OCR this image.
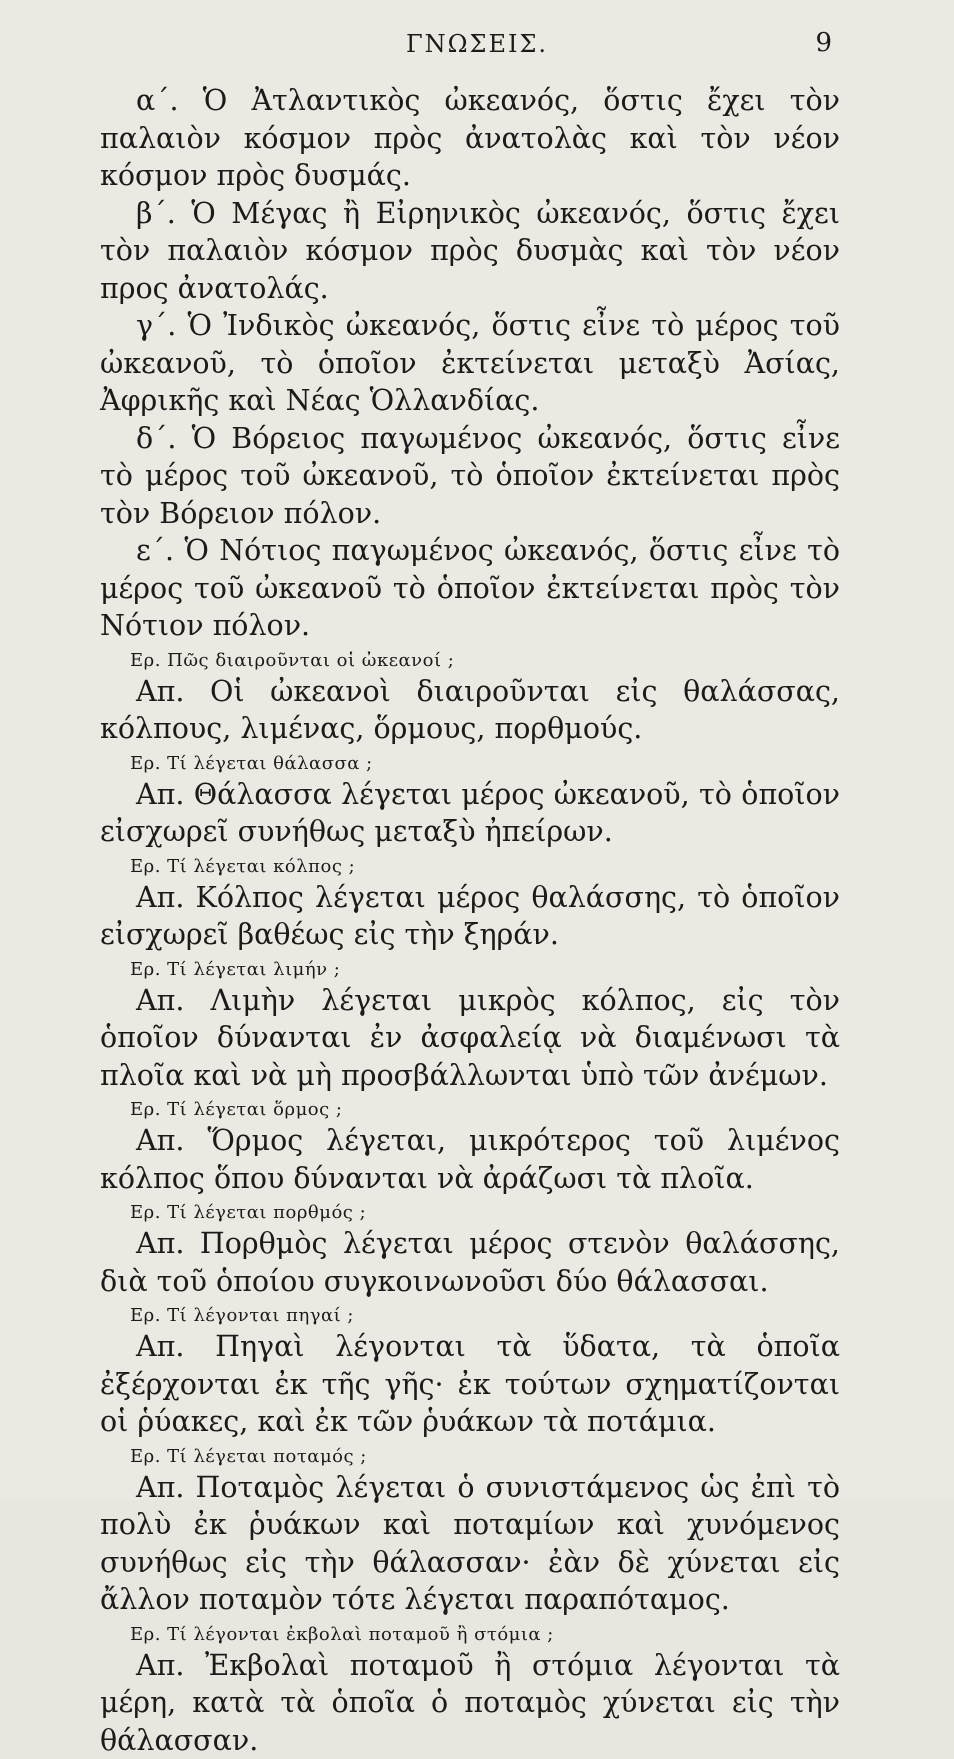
ΓΝΩΣΕΙΣ.	9

α΄. Ὁ Ἀτλαντικὸς ὠκεανός, ὅστις ἔχει τὸν παλαιὸν κόσμον πρὸς ἀνατολὰς καὶ τὸν νέον κόσμον πρὸς δυσμάς.

β΄. Ὁ Μέγας ἢ Εἰρηνικὸς ὠκεανός, ὅστις ἔχει τὸν παλαιὸν κόσμον πρὸς δυσμὰς καὶ τὸν νέον προς ἀνατολάς.

γ΄. Ὁ Ἰνδικὸς ὠκεανός, ὅστις εἶνε τὸ μέρος τοῦ ὠκεανοῦ, τὸ ὁποῖον ἐκτείνεται μεταξὺ Ἀσίας, Ἀφρικῆς καὶ Νέας Ὁλλανδίας.

δ΄. Ὁ Βόρειος παγωμένος ὠκεανός, ὅστις εἶνε τὸ μέρος τοῦ ὠκεανοῦ, τὸ ὁποῖον ἐκτείνεται πρὸς τὸν Βόρειον πόλον.

ε΄. Ὁ Νότιος παγωμένος ὠκεανός, ὅστις εἶνε τὸ μέρος τοῦ ὠκεανοῦ τὸ ὁποῖον ἐκτείνεται πρὸς τὸν Νότιον πόλον.

Ερ. Πῶς διαιροῦνται οἱ ὠκεανοί ;

Απ. Οἱ ὠκεανοὶ διαιροῦνται εἰς θαλάσσας, κόλπους, λιμένας, ὅρμους, πορθμούς.

Ερ. Τί λέγεται θάλασσα ;

Απ. Θάλασσα λέγεται μέρος ὠκεανοῦ, τὸ ὁποῖον εἰσχωρεῖ συνήθως μεταξὺ ἠπείρων.

Ερ. Τί λέγεται κόλπος ;

Απ. Κόλπος λέγεται μέρος θαλάσσης, τὸ ὁποῖον εἰσχωρεῖ βαθέως εἰς τὴν ξηράν.

Ερ. Τί λέγεται λιμήν ;

Απ. Λιμὴν λέγεται μικρὸς κόλπος, εἰς τὸν ὁποῖον δύνανται ἐν ἀσφαλείᾳ νὰ διαμένωσι τὰ πλοῖα καὶ νὰ μὴ προσβάλλωνται ὑπὸ τῶν ἀνέμων.

Ερ. Τί λέγεται ὅρμος ;

Απ. Ὅρμος λέγεται, μικρότερος τοῦ λιμένος κόλπος ὅπου δύνανται νὰ ἀράζωσι τὰ πλοῖα.

Ερ. Τί λέγεται πορθμός ;

Απ. Πορθμὸς λέγεται μέρος στενὸν θαλάσσης, διὰ τοῦ ὁποίου συγκοινωνοῦσι δύο θάλασσαι.

Ερ. Τί λέγονται πηγαί ;

Απ. Πηγαὶ λέγονται τὰ ὕδατα, τὰ ὁποῖα ἐξέρχονται ἐκ τῆς γῆς· ἐκ τούτων σχηματίζονται οἱ ῥύακες, καὶ ἐκ τῶν ῥυάκων τὰ ποτάμια.

Ερ. Τί λέγεται ποταμός ;

Απ. Ποταμὸς λέγεται ὁ συνιστάμενος ὡς ἐπὶ τὸ πολὺ ἐκ ῥυάκων καὶ ποταμίων καὶ χυνόμενος συνήθως εἰς τὴν θάλασσαν· ἐὰν δὲ χύνεται εἰς ἄλλον ποταμὸν τότε λέγεται παραπόταμος.

Ερ. Τί λέγονται ἐκβολαὶ ποταμοῦ ἢ στόμια ;

Απ. Ἐκβολαὶ ποταμοῦ ἢ στόμια λέγονται τὰ μέρη, κατὰ τὰ ὁποῖα ὁ ποταμὸς χύνεται εἰς τὴν θάλασσαν.
